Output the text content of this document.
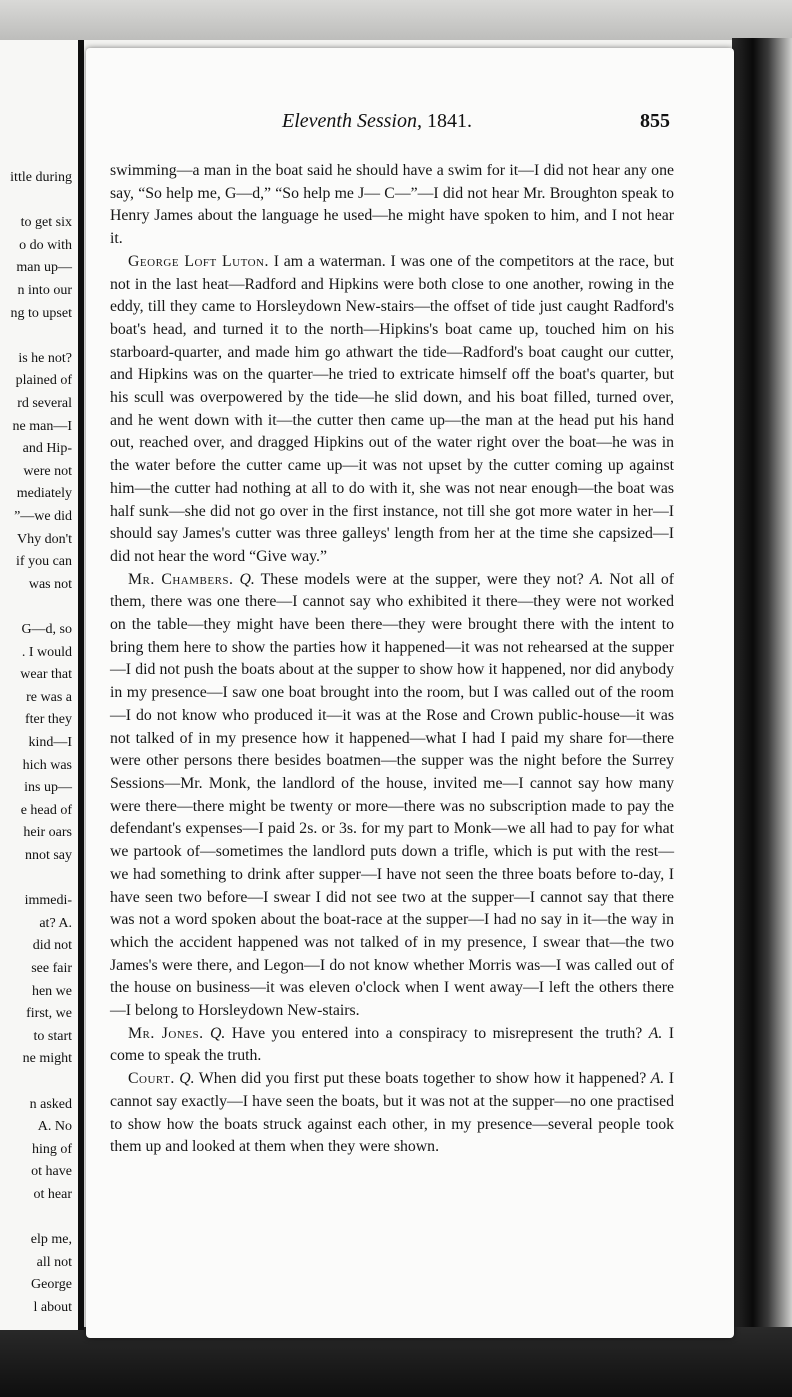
ittle during
to get six
o do with
man up—
n into our
ng to upset
is he not?
plained of
rd several
ne man—I
and Hip-
were not
mediately
”—we did
Vhy don't
if you can
was not
G—d, so
. I would
wear that
re was a
fter they
kind—I
hich was
ins up—
e head of
heir oars
nnot say
immedi-
at? A.
did not
see fair
hen we
first, we
to start
ne might
n asked
A. No
hing of
ot have
ot hear
elp me,
all not
George
l about
Eleventh Session, 1841.	855

swimming—a man in the boat said he should have a swim for it—I did not hear any one say, “So help me, G—d,” “So help me J— C—”—I did not hear Mr. Broughton speak to Henry James about the language he used—he might have spoken to him, and I not hear it.

George Loft Luton. I am a waterman. I was one of the competitors at the race, but not in the last heat—Radford and Hipkins were both close to one another, rowing in the eddy, till they came to Horsleydown New-stairs—the offset of tide just caught Radford's boat's head, and turned it to the north—Hipkins's boat came up, touched him on his starboard-quarter, and made him go athwart the tide—Radford's boat caught our cutter, and Hipkins was on the quarter—he tried to extricate himself off the boat's quarter, but his scull was overpowered by the tide—he slid down, and his boat filled, turned over, and he went down with it—the cutter then came up—the man at the head put his hand out, reached over, and dragged Hipkins out of the water right over the boat—he was in the water before the cutter came up—it was not upset by the cutter coming up against him—the cutter had nothing at all to do with it, she was not near enough—the boat was half sunk—she did not go over in the first instance, not till she got more water in her—I should say James's cutter was three galleys' length from her at the time she capsized—I did not hear the word “Give way.”

Mr. Chambers. Q. These models were at the supper, were they not? A. Not all of them, there was one there—I cannot say who exhibited it there—they were not worked on the table—they might have been there—they were brought there with the intent to bring them here to show the parties how it happened—it was not rehearsed at the supper—I did not push the boats about at the supper to show how it happened, nor did anybody in my presence—I saw one boat brought into the room, but I was called out of the room—I do not know who produced it—it was at the Rose and Crown public-house—it was not talked of in my presence how it happened—what I had I paid my share for—there were other persons there besides boatmen—the supper was the night before the Surrey Sessions—Mr. Monk, the landlord of the house, invited me—I cannot say how many were there—there might be twenty or more—there was no subscription made to pay the defendant's expenses—I paid 2s. or 3s. for my part to Monk—we all had to pay for what we partook of—sometimes the landlord puts down a trifle, which is put with the rest—we had something to drink after supper—I have not seen the three boats before to-day, I have seen two before—I swear I did not see two at the supper—I cannot say that there was not a word spoken about the boat-race at the supper—I had no say in it—the way in which the accident happened was not talked of in my presence, I swear that—the two James's were there, and Legon—I do not know whether Morris was—I was called out of the house on business—it was eleven o'clock when I went away—I left the others there—I belong to Horsleydown New-stairs.

Mr. Jones. Q. Have you entered into a conspiracy to misrepresent the truth? A. I come to speak the truth.

Court. Q. When did you first put these boats together to show how it happened? A. I cannot say exactly—I have seen the boats, but it was not at the supper—no one practised to show how the boats struck against each other, in my presence—several people took them up and looked at them when they were shown.
